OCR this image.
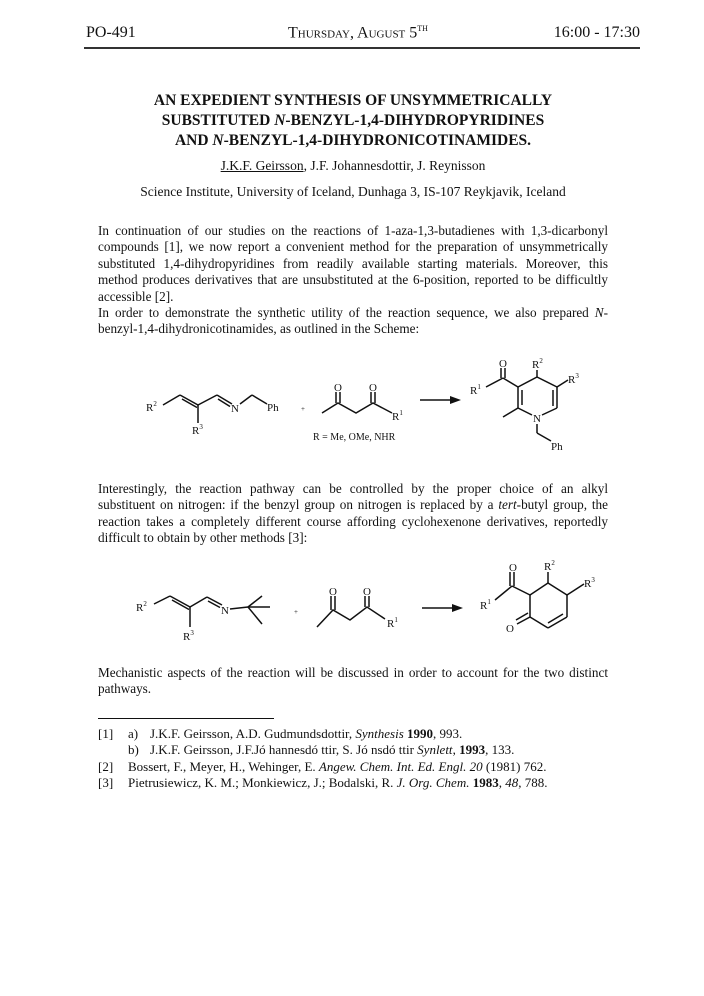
PO-491	Thursday, August 5TH	16:00 - 17:30
AN EXPEDIENT SYNTHESIS OF UNSYMMETRICALLY
SUBSTITUTED N-BENZYL-1,4-DIHYDROPYRIDINES
AND N-BENZYL-1,4-DIHYDRONICOTINAMIDES.
J.K.F. Geirsson, J.F. Johannesdottir, J. Reynisson
Science Institute, University of Iceland, Dunhaga 3, IS-107 Reykjavik, Iceland
In continuation of our studies on the reactions of 1-aza-1,3-butadienes with 1,3-dicarbonyl
compounds [1], we now report a convenient method for the preparation of unsymmetrically
substituted 1,4-dihydropyridines from readily available starting materials. Moreover, this
method produces derivatives that are unsubstituted at the 6-position, reported to be difficultly
accessible [2].
In order to demonstrate the synthetic utility of the reaction sequence, we also prepared N-
benzyl-1,4-dihydronicotinamides, as outlined in the Scheme:
Interestingly, the reaction pathway can be controlled by the proper choice of an alkyl
substituent on nitrogen: if the benzyl group on nitrogen is replaced by a tert-butyl group, the
reaction takes a completely different course affording cyclohexenone derivatives, reportedly
difficult to obtain by other methods [3]:
Mechanistic aspects of the reaction will be discussed in order to account for the two distinct
pathways.
$R^2$
$R^3$
N	Ph	+
O O
$R^1$
R = Me, OMe, NHR
$R^1$
O $R^2$
$R^3$
N
Ph
$R^2$
$R^3$
N	+
O O
$R^1$
$R^1$
O $R^2$
$R^3$
O
[1] a) J.K.F. Geirsson, A.D. Gudmundsdottir, Synthesis 1990, 993.
b) J.K.F. Geirsson, J.F.Jó hannesdó ttir, S. Jó nsdó ttir Synlett, 1993, 133.
[2] Bossert, F., Meyer, H., Wehinger, E. Angew. Chem. Int. Ed. Engl. 20 (1981) 762.
[3] Pietrusiewicz, K. M.; Monkiewicz, J.; Bodalski, R. J. Org. Chem. 1983, 48, 788.
